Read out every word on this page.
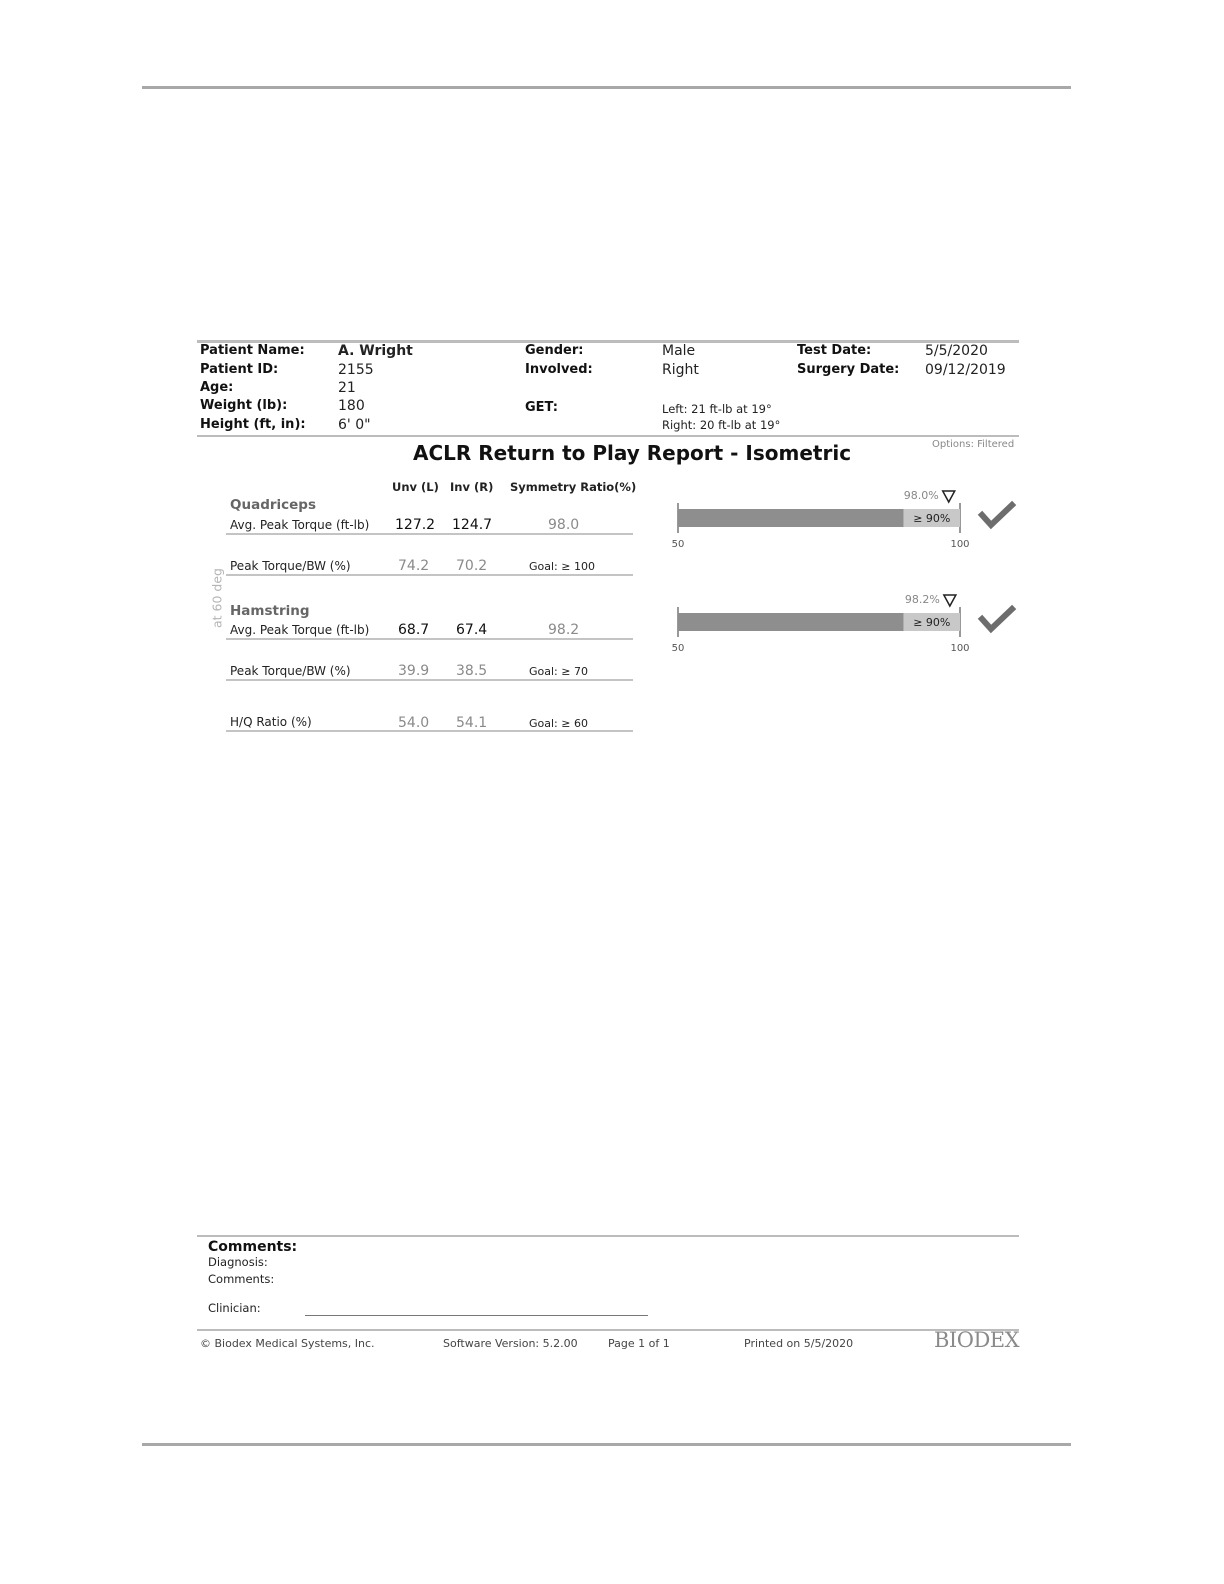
Patient Name: A. Wright
Patient ID:	2155
Age:	21
Weight (lb):	180
Height (ft, in): 6' 0"
Gender:	Male
Involved:	Right
GET:	Left: 21 ft-lb at 19°
Right: 20 ft-lb at 19°
Test Date:	5/5/2020
Surgery Date: 09/12/2019
ACLR Return to Play Report - Isometric	Options: Filtered
at 60 deg
Unv (L) Inv (R) Symmetry Ratio(%)
Quadriceps
Avg. Peak Torque (ft-lb) 127.2 124.7	98.0
Peak Torque/BW (%)	74.2 70.2	Goal: ≥ 100
Hamstring
Avg. Peak Torque (ft-lb) 68.7 67.4	98.2
Peak Torque/BW (%)	39.9 38.5	Goal: ≥ 70
H/Q Ratio (%)	54.0 54.1	Goal: ≥ 60
98.0%
≥ 90%
50	100
98.2%
≥ 90%
50	100
Comments:
Diagnosis:
Comments:
Clinician:
© Biodex Medical Systems, Inc.	Software Version: 5.2.00	Page 1 of 1	Printed on 5/5/2020	BIODEX
